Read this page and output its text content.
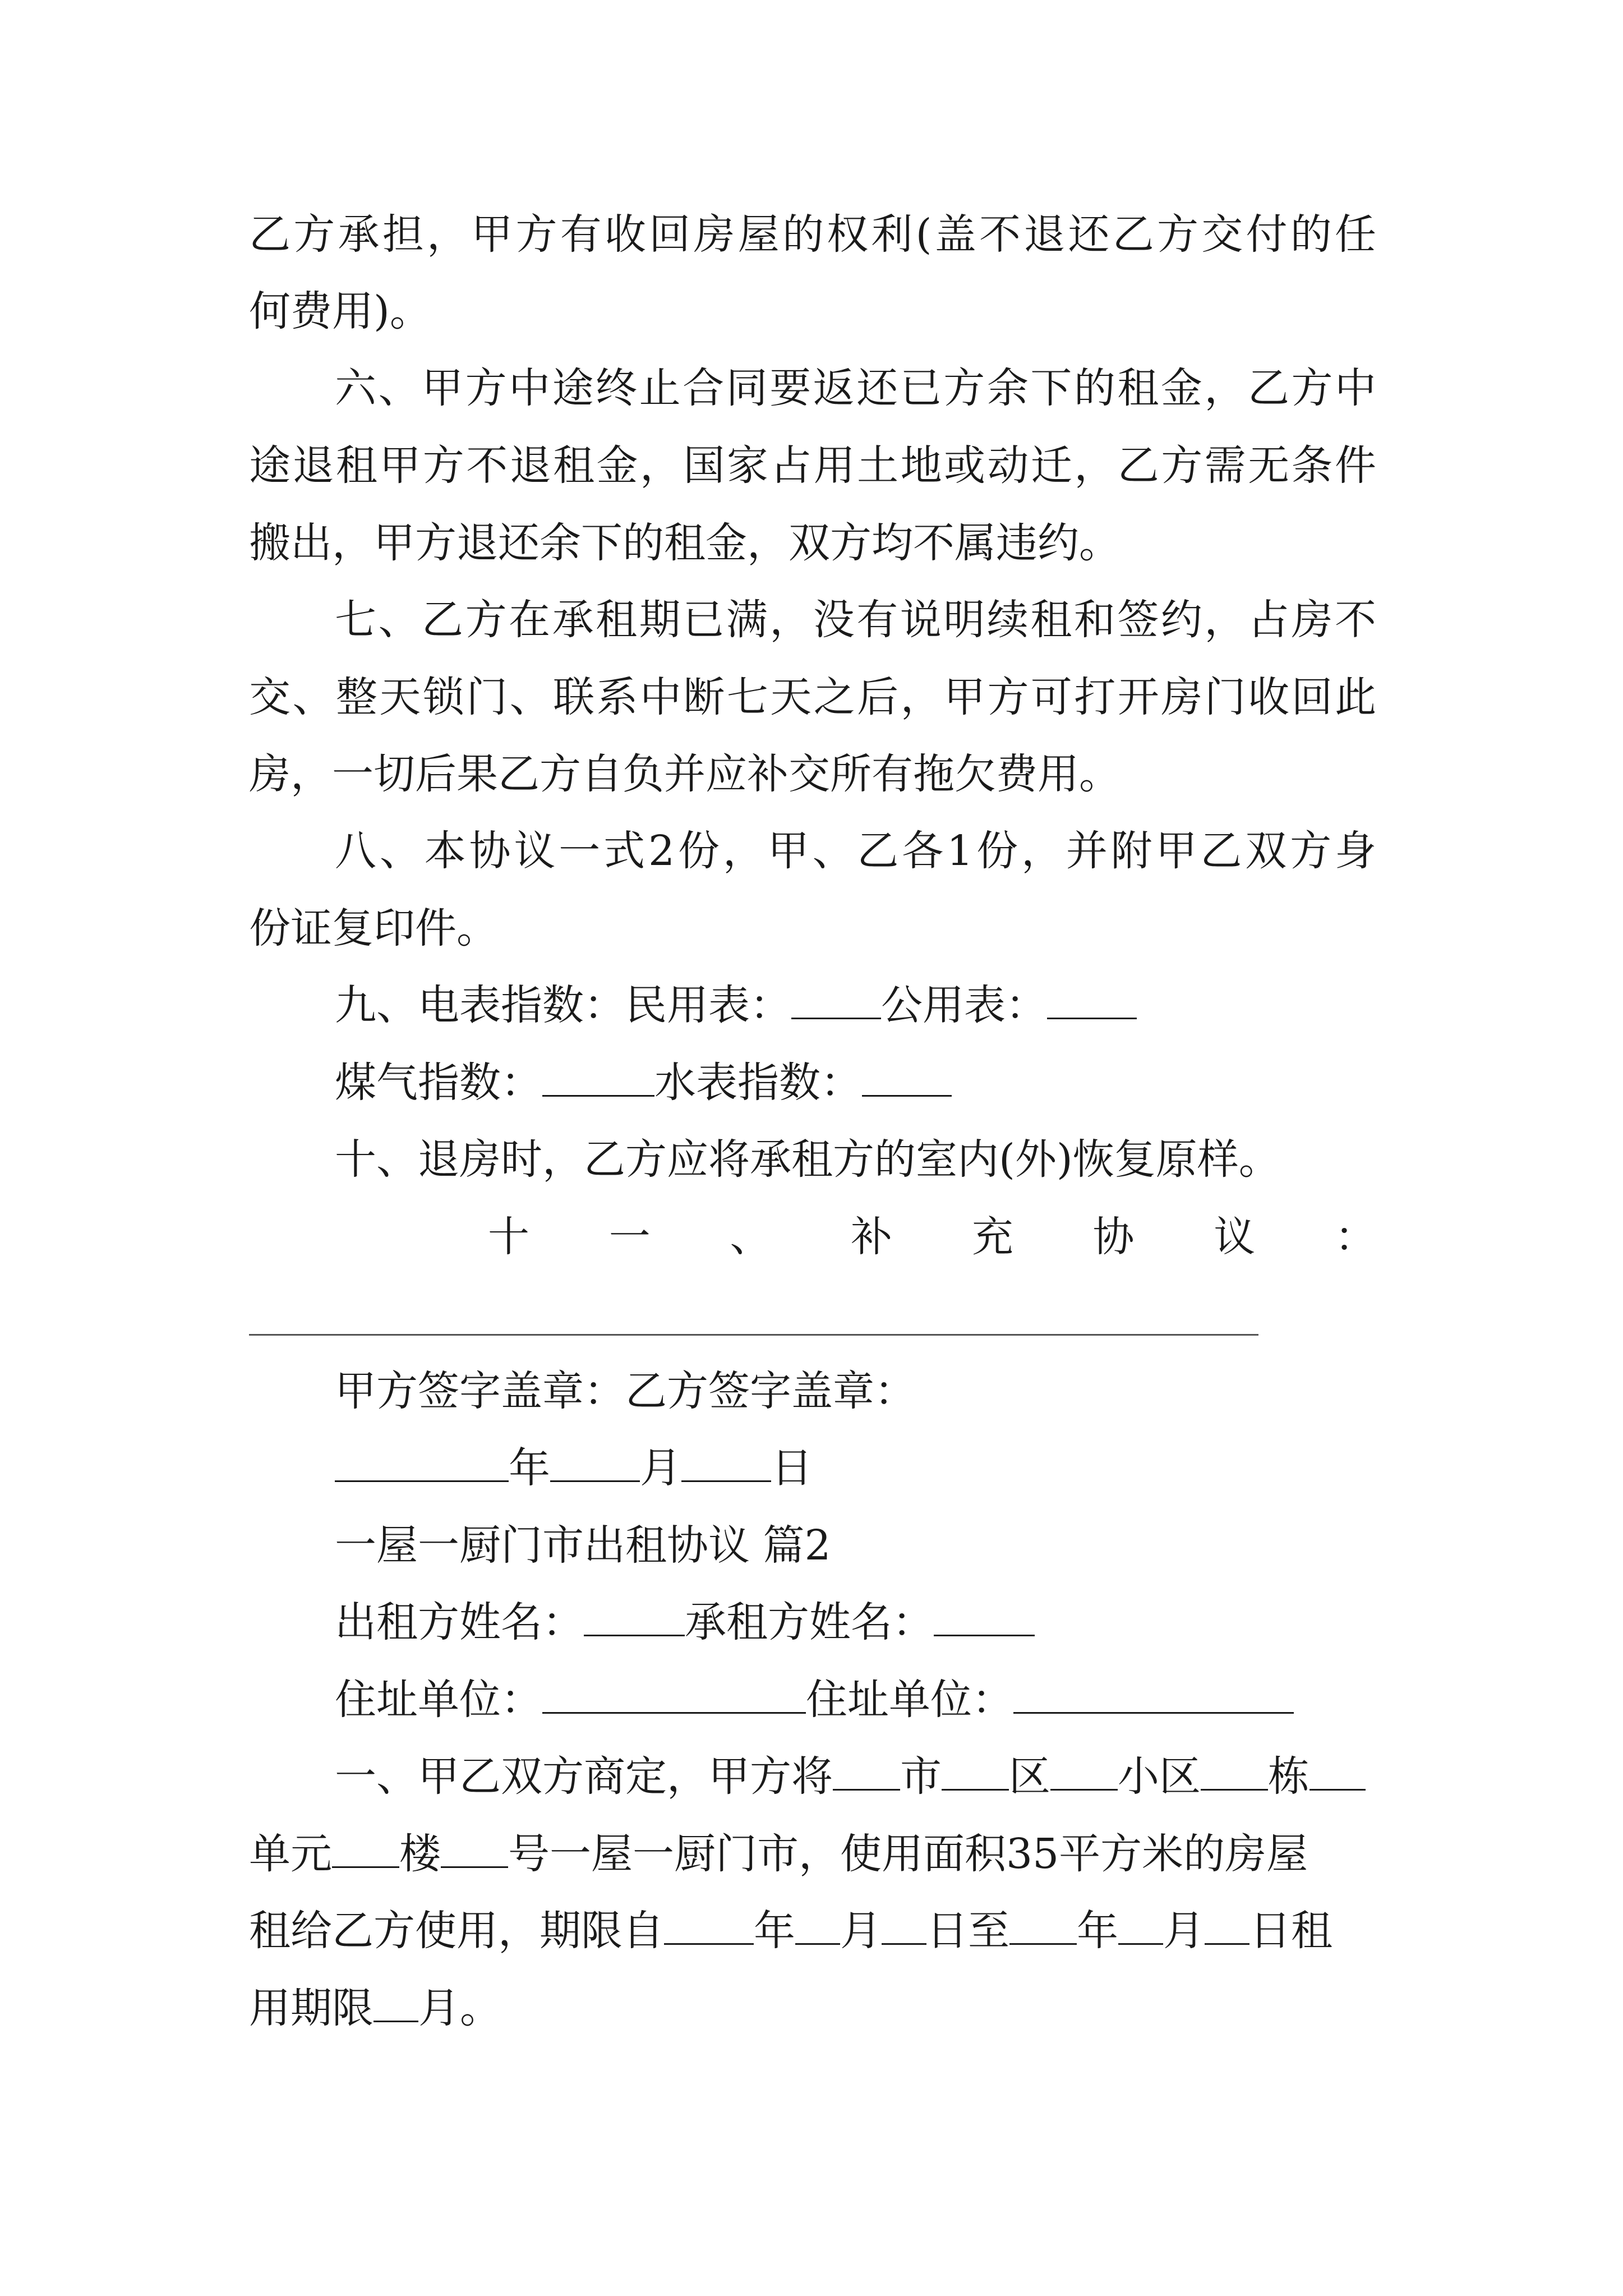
乙方承担，甲方有收回房屋的权利(盖不退还乙方交付的任
何费用)。
六、甲方中途终止合同要返还已方余下的租金，乙方中
途退租甲方不退租金，国家占用土地或动迁，乙方需无条件
搬出，甲方退还余下的租金，双方均不属违约。
七、乙方在承租期已满，没有说明续租和签约，占房不
交、整天锁门、联系中断七天之后，甲方可打开房门收回此
房，一切后果乙方自负并应补交所有拖欠费用。
八、本协议一式2份，甲、乙各1份，并附甲乙双方身
份证复印件。
九、电表指数：民用表： 公用表：
煤气指数：	水表指数：
十、退房时，乙方应将承租方的室内(外)恢复原样。
十 一 、 补 充 协 议 ：
甲方签字盖章：乙方签字盖章：
年 月 日
一屋一厨门市出租协议 篇2
出租方姓名： 承租方姓名：
住址单位：	住址单位：
一、甲乙双方商定，甲方将 市 区 小区 栋
单元 楼 号一屋一厨门市，使用面积35平方米的房屋
租给乙方使用，期限自 年 月 日至 年 月 日租
用期限 月。
